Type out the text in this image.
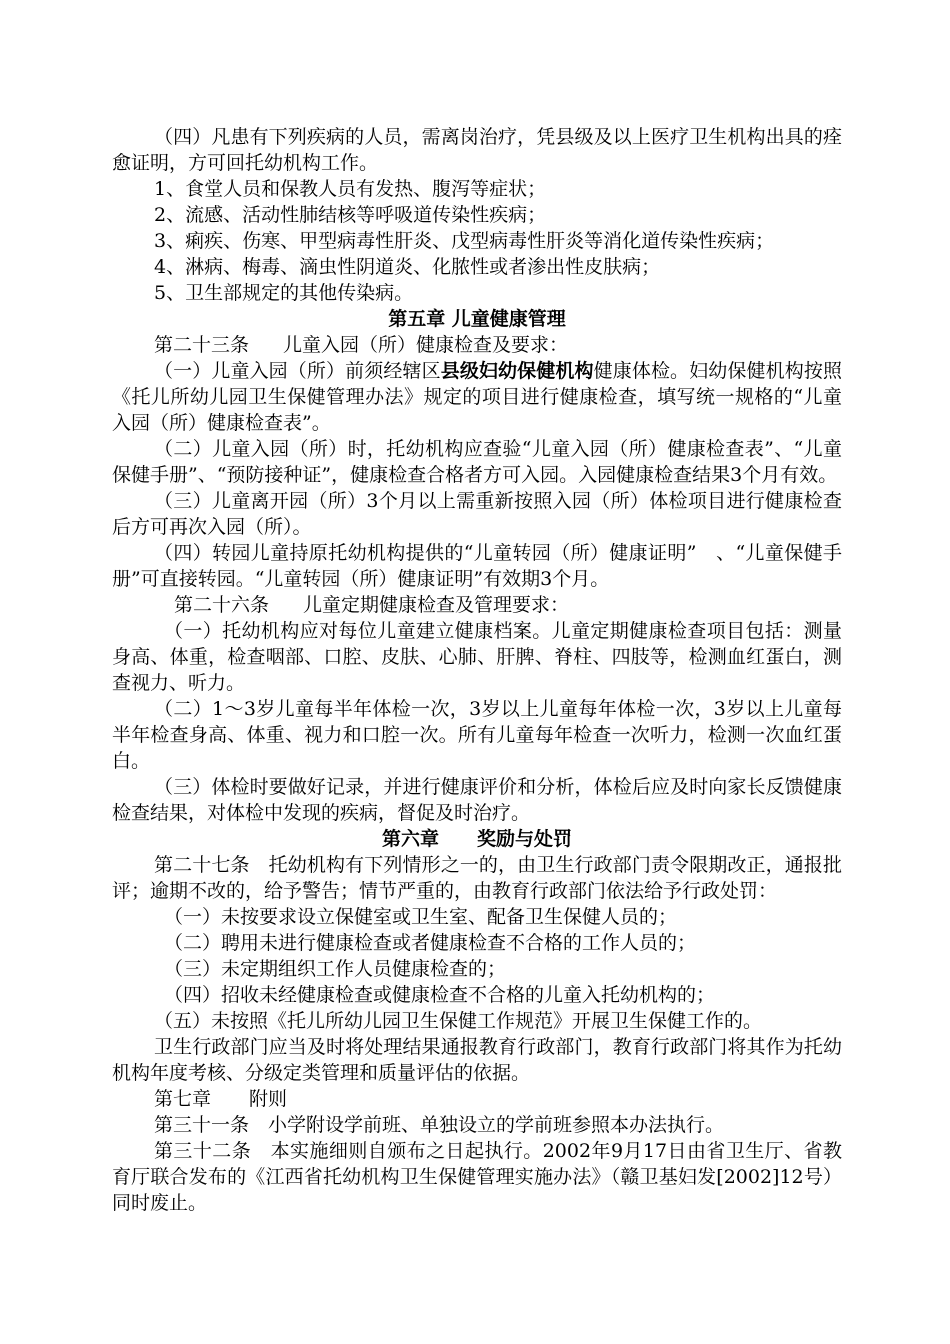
（四）凡患有下列疾病的人员，需离岗治疗，凭县级及以上医疗卫生机构出具的痊愈证明，方可回托幼机构工作。

1、食堂人员和保教人员有发热、腹泻等症状；

2、流感、活动性肺结核等呼吸道传染性疾病；

3、痢疾、伤寒、甲型病毒性肝炎、戊型病毒性肝炎等消化道传染性疾病；

4、淋病、梅毒、滴虫性阴道炎、化脓性或者渗出性皮肤病；

5、卫生部规定的其他传染病。

第五章 儿童健康管理

第二十三条 儿童入园（所）健康检查及要求：

（一）儿童入园（所）前须经辖区县级妇幼保健机构健康体检。妇幼保健机构按照《托儿所幼儿园卫生保健管理办法》规定的项目进行健康检查，填写统一规格的“儿童入园（所）健康检查表”。

（二）儿童入园（所）时，托幼机构应查验“儿童入园（所）健康检查表”、“儿童保健手册”、“预防接种证”，健康检查合格者方可入园。入园健康检查结果3个月有效。

（三）儿童离开园（所）3个月以上需重新按照入园（所）体检项目进行健康检查后方可再次入园（所）。

（四）转园儿童持原托幼机构提供的“儿童转园（所）健康证明”　、“儿童保健手册”可直接转园。“儿童转园（所）健康证明”有效期3个月。

第二十六条 儿童定期健康检查及管理要求：

（一）托幼机构应对每位儿童建立健康档案。儿童定期健康检查项目包括：测量身高、体重，检查咽部、口腔、皮肤、心肺、肝脾、脊柱、四肢等，检测血红蛋白，测查视力、听力。

（二）1～3岁儿童每半年体检一次，3岁以上儿童每年体检一次，3岁以上儿童每半年检查身高、体重、视力和口腔一次。所有儿童每年检查一次听力，检测一次血红蛋白。

（三）体检时要做好记录，并进行健康评价和分析，体检后应及时向家长反馈健康检查结果，对体检中发现的疾病，督促及时治疗。

第六章　　奖励与处罚

第二十七条　托幼机构有下列情形之一的，由卫生行政部门责令限期改正，通报批评；逾期不改的，给予警告；情节严重的，由教育行政部门依法给予行政处罚：

（一）未按要求设立保健室或卫生室、配备卫生保健人员的；

（二）聘用未进行健康检查或者健康检查不合格的工作人员的；

（三）未定期组织工作人员健康检查的；

（四）招收未经健康检查或健康检查不合格的儿童入托幼机构的；

（五）未按照《托儿所幼儿园卫生保健工作规范》开展卫生保健工作的。

卫生行政部门应当及时将处理结果通报教育行政部门，教育行政部门将其作为托幼机构年度考核、分级定类管理和质量评估的依据。

第七章　　附则

第三十一条　小学附设学前班、单独设立的学前班参照本办法执行。

第三十二条　本实施细则自颁布之日起执行。2002年9月17日由省卫生厅、省教育厅联合发布的《江西省托幼机构卫生保健管理实施办法》（赣卫基妇发[2002]12号）同时废止。
